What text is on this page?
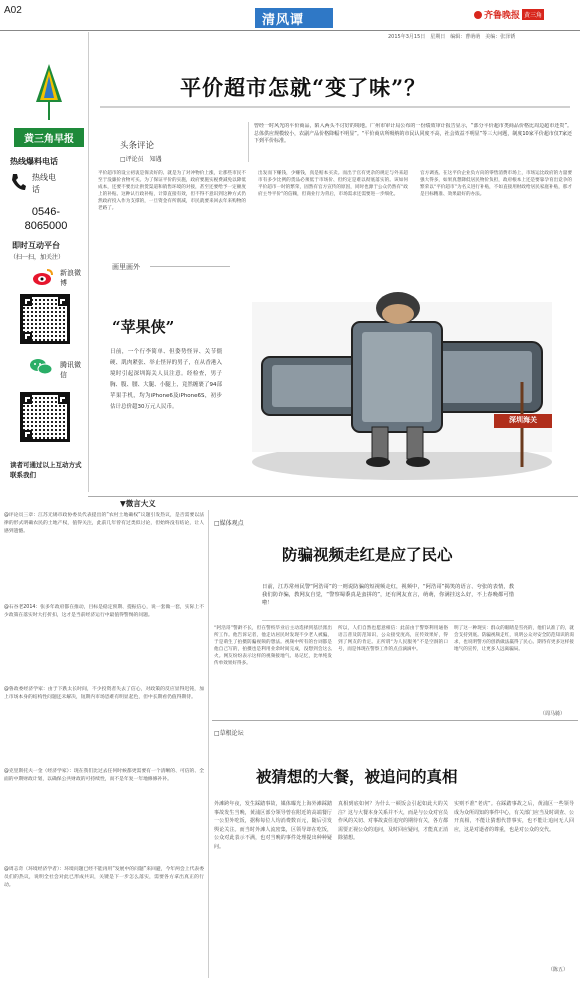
A02
清风谭	齐鲁晚报 黄三角
2015年3月15日　星期日　编辑：曹萌萌　美编：张泽锈
黄三角早报
热线爆料电话
热线电话
0546-8065000
即时互动平台
（扫一扫，加关注）
新浪微博
腾讯微信
读者可通过以上互动方式联系我们
平价超市怎就“变了味”？
头条评论
□评论员　知遇
曾经一时风光的平价商品，陷入两头不讨好的境地。广州市审计局公布的一份绩效审计报告显示，“部分平价超市类商品价格比周边超市还贵”。总体供应规模较小，农副产品价格降幅不明显”。“平价商店所吸纳的市民认同度不高，社会效益不明显”等三大问题，制度10家平价超市仅7家还下到平价标准。
平价超市的设立初衷是保卖好的、就是为了对冲物价上涨，让那些市民不至于没廉价食物可买。为了保证平价的实施，政府要施实税费减免以降低成本，还要不要出让供货渠道和销售环境的对接，甚至还要给予一定额度上的补贴。这种认行政补贴，计算直接有效，但不得不意识到这种方式仍然政府投入作为支撑的，一旦资金有所削减，市民就要来回去年来购物的老路了。
出发而下赚钱，少赚钱，真是赔本买卖。而出于官有更杂的规定与外来超市有多少比例的货品必须低于市场价、但约定是难以彻底落实的。该如何平价超市一时的繁荣，固然有官方宣传的原因，同时也源于公众仍然有“政府主导平价”的信赖，但商业行为背后，市场需求还需要进一步细化。
官方调查。在这平价企业负方向的零售消费市场上，市场运比政府的力量要强大得多，如果真想降低居民物价负担，政府根本上还是要靠孕育出竞争的繁荣以“平价超市”为名义进行补贴，不如直接用财政给居民家庭补贴，那才是目标精准、效果最好的办法。
画里画外
“苹果侠”
日前，一个行李简单、但姿势怪异、关节僵硬、肌肉紧张、举止怪异的男子，在从香港入境时引起深圳海关人员注意。经检查，男子胸、腹、腰、大腿、小腿上，竟然缠裹了94部苹果手机，均为iPhone6及iPhone6S，初步估计总价超30万元人民币。
深圳海关
▼微言大义
@评论员三章：江苏无锡市政协委员代表提出的“农村土地确权”议题引发热议，是否需要以法律的形式明确农民的土地产权，值得关注，此前几年曾有过类似讨论，但始终没有结论，让人感到遗憾。
@石谷老2014：张多年政府都在推动，目标是稳定预期、提振信心，说一套做一套，实际上不少政策在落实时大打折扣，这才是当前经济运行中最值得警惕的问题。
@鲁政委经济学家：由于下跌太长时间，不少投资者失去了信心，对政策的反应显得迟钝，加上市场本身的结构性问题还未解决，短期内市场恐难有明显起色，但中长期看仍值得期待。
@克里斯托夫一金（经济学家）：现在我们比过去任何时候都更需要有一个清晰的、可信的、全面的中期财政计划，以确保公共财政的可持续性，而不是年复一年地修修补补。
@周志奇（环境经济学者）：环境问题已经不能再用“发展中的问题”来回避，今年两会上代表委员们的热议，说明全社会对此已形成共识，关键是下一步怎么落实，需要各方拿出真正的行动。
□媒体观点
防骗视频走红是应了民心
日前，江苏常州民警“阿浩哥”的一则说防骗的短视频走红，视频中，“阿浩哥”揭笑的语言、夸张的表情，教我们防诈骗，教网友自觉，“警察蜀黍真是蛮拼的”，还有网友直言，萌萌，你满挂这么好，不上春晚都可惜啦！
“阿浩哥”警龄不长，但在警校毕业后主动选择到基层派出所工作。他告诉记者，他走访居民时发现不少老人被骗，于是萌生了拍摄防骗视频的想法。视频中所有的台词都是他自己写的，拍摄也是利用业余时间完成，没想到会这么火。网友纷纷表示这样的视频接地气、易记忆，比单纯发传单效果好得多。
所以，人们自然也愿意相信：此前由于警察利用通俗语言普及防范知识，公众接受度高，宣传效果好，得到了网友的肯定。正所谓“为人民服务”不是空洞的口号，而是体现在警察工作的点点滴滴中。
明了这一种现实：群众的眼睛是雪亮的，他们认准了的，就会支持到底。防骗视频走红，说明公众对安全防范知识的渴求，也说明警方的创新做法赢得了民心。期待有更多这样接地气的宣传，让更多人远离骗局。
（周马骑）
□草根论坛
被猜想的大餐，被追问的真相
外滩跨年夜，发生踩踏事故，媒体曝光上海外滩踩踏事故发生当晚，黄浦区部分领导曾在附近的高端餐厅一公里外吃饭，据称每位人均消费数百元，随后引发舆论关注。而当时外滩人流密集，区领导却在吃饭，公众对此表示不满，也对当晚的事件处理提出种种疑问。
真相到底如何？为什么一顿饭会引起如此大的关注？这与大餐本身关系并不大，而是与公众对官员作风的关切、对事故责任追究的期待有关，各方都需要正视公众的追问，及时回应疑问，才能真正消除猜想。
实则不准“老虎”。在踩踏事故之后，黄浦区一些领导成为众所周知的事件中心，有关部门应当及时调查、公开真相，不能让猜想代替事实，也不能让追问无人回应，这是对逝者的尊重，也是对公众的交代。
（陈五）
